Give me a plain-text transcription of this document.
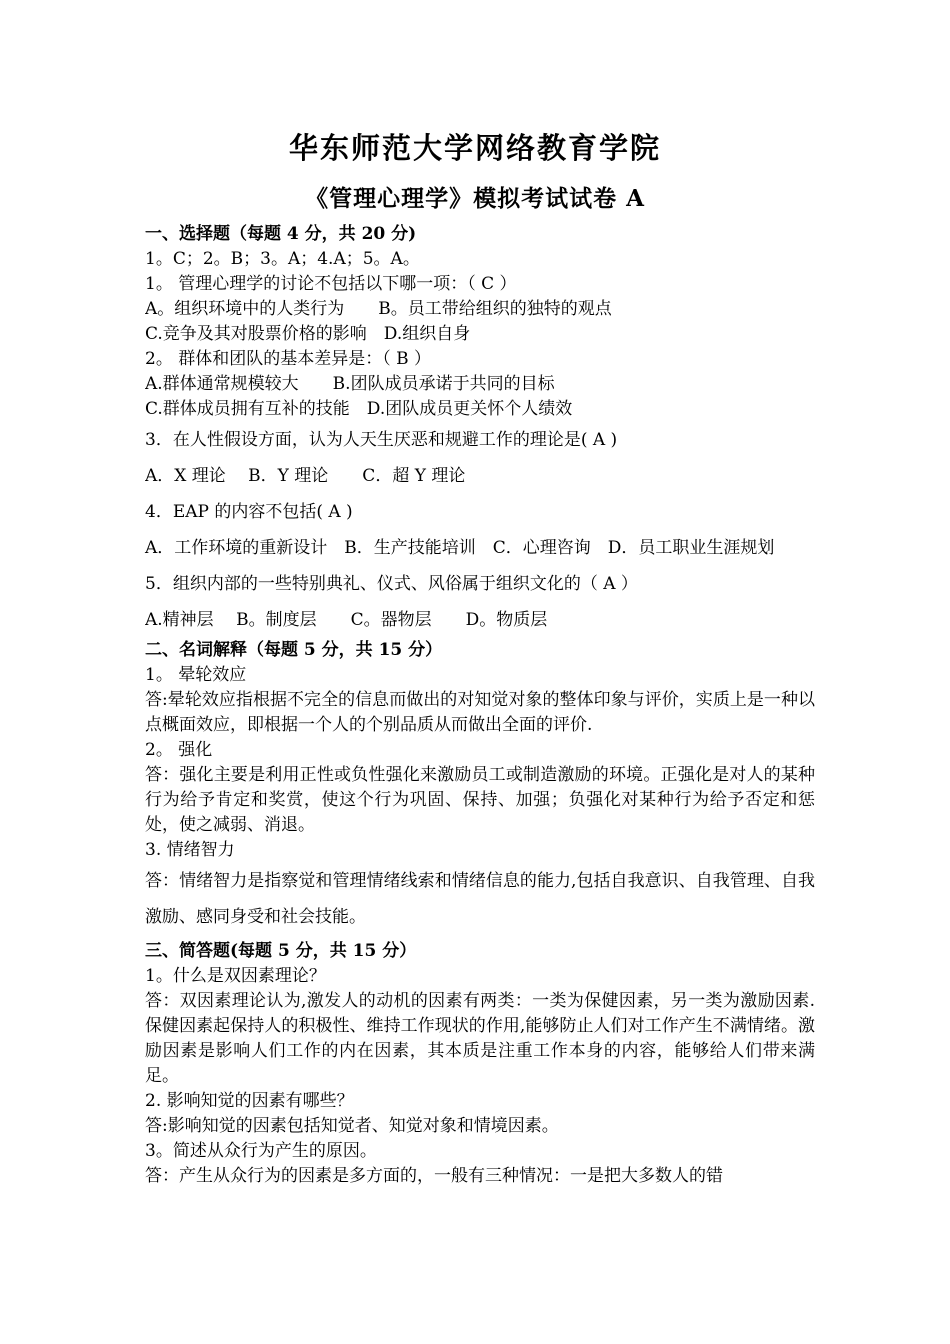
华东师范大学网络教育学院
《管理心理学》模拟考试试卷 A
一、选择题（每题 4 分，共 20 分)
1。C；2。B；3。A；4.A；5。A。
1。 管理心理学的讨论不包括以下哪一项：（ C ）
A。组织环境中的人类行为　　B。员工带给组织的独特的观点
C.竞争及其对股票价格的影响　D.组织自身
2。 群体和团队的基本差异是：（ B ）
A.群体通常规模较大　　B.团队成员承诺于共同的目标
C.群体成员拥有互补的技能　D.团队成员更关怀个人绩效
3．在人性假设方面，认为人天生厌恶和规避工作的理论是( A )
A．X 理论　 B．Y 理论　　C．超 Y 理论
4．EAP 的内容不包括( A )
A．工作环境的重新设计　B．生产技能培训　C．心理咨询　D．员工职业生涯规划
5．组织内部的一些特别典礼、仪式、风俗属于组织文化的（ A ）
A.精神层　 B。制度层　　C。器物层　　D。物质层
二、名词解释（每题 5 分，共 15 分）
1。 晕轮效应
答:晕轮效应指根据不完全的信息而做出的对知觉对象的整体印象与评价，实质上是一种以点概面效应，即根据一个人的个别品质从而做出全面的评价.
2。 强化
答：强化主要是利用正性或负性强化来激励员工或制造激励的环境。正强化是对人的某种行为给予肯定和奖赏，使这个行为巩固、保持、加强；负强化对某种行为给予否定和惩处，使之减弱、消退。
3. 情绪智力
答：情绪智力是指察觉和管理情绪线索和情绪信息的能力,包括自我意识、自我管理、自我激励、感同身受和社会技能。
三、简答题(每题 5 分，共 15 分）
1。什么是双因素理论？
答：双因素理论认为,激发人的动机的因素有两类：一类为保健因素，另一类为激励因素. 保健因素起保持人的积极性、维持工作现状的作用,能够防止人们对工作产生不满情绪。激励因素是影响人们工作的内在因素，其本质是注重工作本身的内容，能够给人们带来满足。
2. 影响知觉的因素有哪些？
答:影响知觉的因素包括知觉者、知觉对象和情境因素。
3。简述从众行为产生的原因。
答：产生从众行为的因素是多方面的，一般有三种情况：一是把大多数人的错
